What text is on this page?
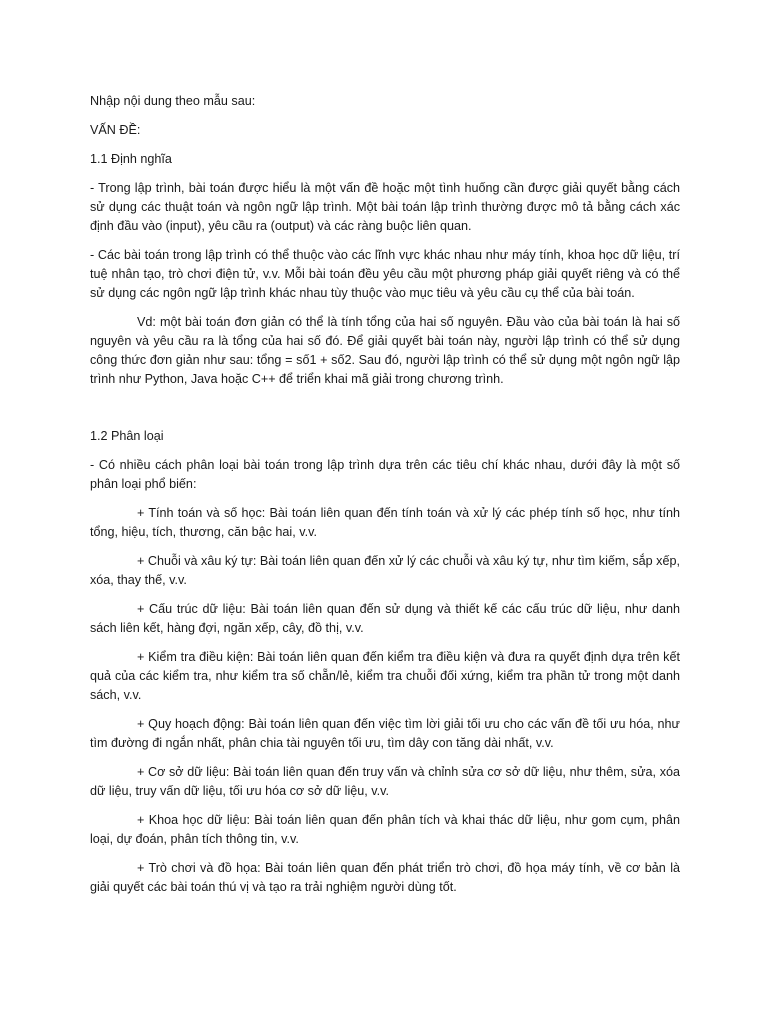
Nhập nội dung theo mẫu sau:

VẤN ĐỀ:

1.1 Định nghĩa

- Trong lập trình, bài toán được hiểu là một vấn đề hoặc một tình huống cần được giải quyết bằng cách sử dụng các thuật toán và ngôn ngữ lập trình. Một bài toán lập trình thường được mô tả bằng cách xác định đầu vào (input), yêu cầu ra (output) và các ràng buộc liên quan.

- Các bài toán trong lập trình có thể thuộc vào các lĩnh vực khác nhau như máy tính, khoa học dữ liệu, trí tuệ nhân tạo, trò chơi điện tử, v.v. Mỗi bài toán đều yêu cầu một phương pháp giải quyết riêng và có thể sử dụng các ngôn ngữ lập trình khác nhau tùy thuộc vào mục tiêu và yêu cầu cụ thể của bài toán.

Vd: một bài toán đơn giản có thể là tính tổng của hai số nguyên. Đầu vào của bài toán là hai số nguyên và yêu cầu ra là tổng của hai số đó. Để giải quyết bài toán này, người lập trình có thể sử dụng công thức đơn giản như sau: tổng = số1 + số2. Sau đó, người lập trình có thể sử dụng một ngôn ngữ lập trình như Python, Java hoặc C++ để triển khai mã giải trong chương trình.

1.2 Phân loại

- Có nhiều cách phân loại bài toán trong lập trình dựa trên các tiêu chí khác nhau, dưới đây là một số phân loại phổ biến:

+ Tính toán và số học: Bài toán liên quan đến tính toán và xử lý các phép tính số học, như tính tổng, hiệu, tích, thương, căn bậc hai, v.v.

+ Chuỗi và xâu ký tự: Bài toán liên quan đến xử lý các chuỗi và xâu ký tự, như tìm kiếm, sắp xếp, xóa, thay thế, v.v.

+ Cấu trúc dữ liệu: Bài toán liên quan đến sử dụng và thiết kế các cấu trúc dữ liệu, như danh sách liên kết, hàng đợi, ngăn xếp, cây, đồ thị, v.v.

+ Kiểm tra điều kiện: Bài toán liên quan đến kiểm tra điều kiện và đưa ra quyết định dựa trên kết quả của các kiểm tra, như kiểm tra số chẵn/lẻ, kiểm tra chuỗi đối xứng, kiểm tra phần tử trong một danh sách, v.v.

+ Quy hoạch động: Bài toán liên quan đến việc tìm lời giải tối ưu cho các vấn đề tối ưu hóa, như tìm đường đi ngắn nhất, phân chia tài nguyên tối ưu, tìm dây con tăng dài nhất, v.v.

+ Cơ sở dữ liệu: Bài toán liên quan đến truy vấn và chỉnh sửa cơ sở dữ liệu, như thêm, sửa, xóa dữ liệu, truy vấn dữ liệu, tối ưu hóa cơ sở dữ liệu, v.v.

+ Khoa học dữ liệu: Bài toán liên quan đến phân tích và khai thác dữ liệu, như gom cụm, phân loại, dự đoán, phân tích thông tin, v.v.

+ Trò chơi và đồ họa: Bài toán liên quan đến phát triển trò chơi, đồ họa máy tính, về cơ bản là giải quyết các bài toán thú vị và tạo ra trải nghiệm người dùng tốt.
